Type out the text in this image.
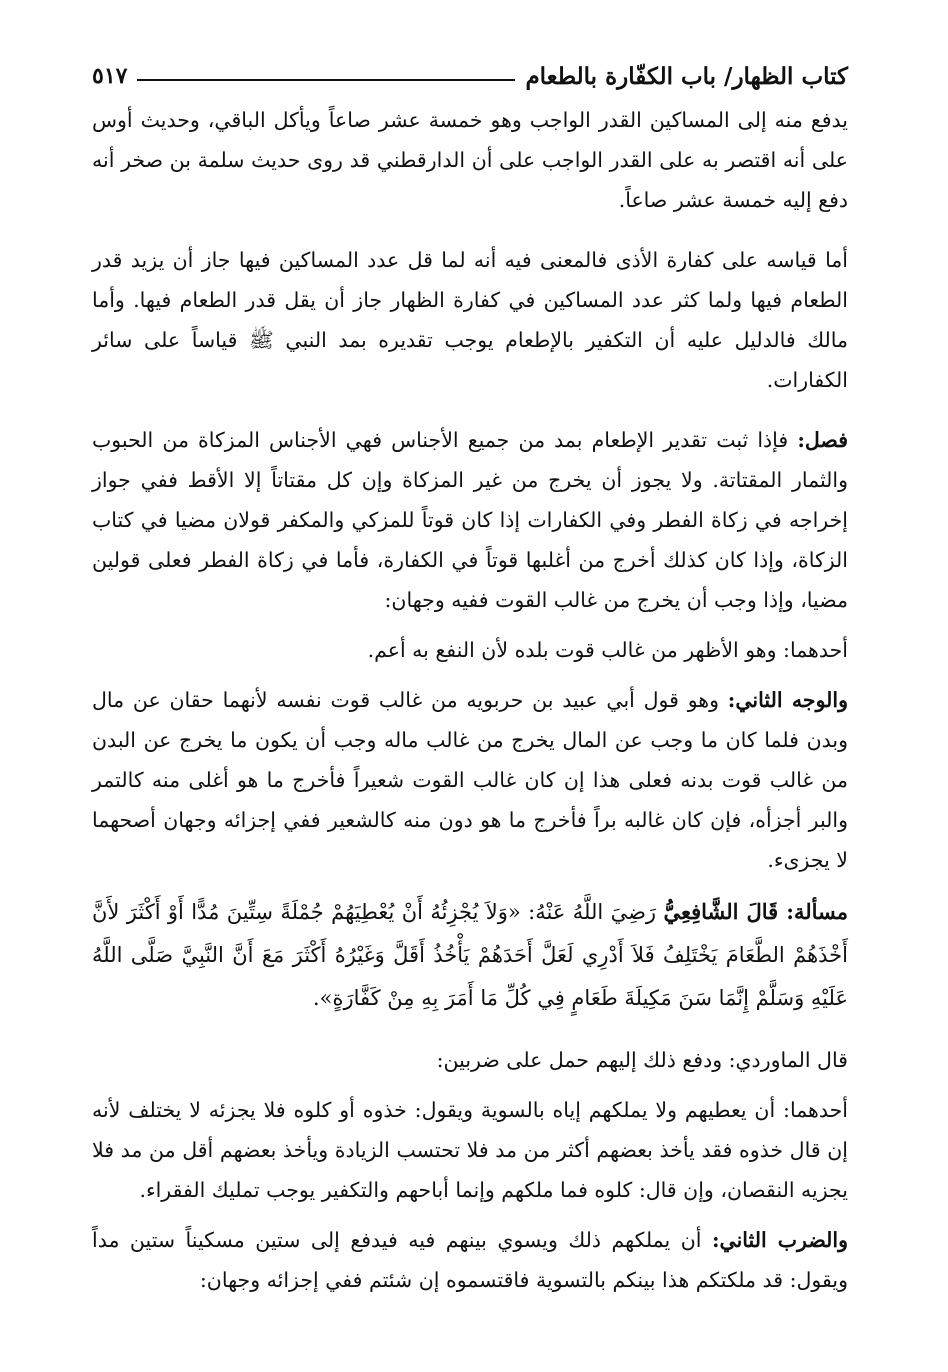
كتاب الظهار/ باب الكفّارة بالطعام
٥١٧

يدفع منه إلى المساكين القدر الواجب وهو خمسة عشر صاعاً ويأكل الباقي، وحديث أوس على أنه اقتصر به على القدر الواجب على أن الدارقطني قد روى حديث سلمة بن صخر أنه دفع إليه خمسة عشر صاعاً.

أما قياسه على كفارة الأذى فالمعنى فيه أنه لما قل عدد المساكين فيها جاز أن يزيد قدر الطعام فيها ولما كثر عدد المساكين في كفارة الظهار جاز أن يقل قدر الطعام فيها. وأما مالك فالدليل عليه أن التكفير بالإطعام يوجب تقديره بمد النبي ﷺ قياساً على سائر الكفارات.

فصل: فإذا ثبت تقدير الإطعام بمد من جميع الأجناس فهي الأجناس المزكاة من الحبوب والثمار المقتاتة. ولا يجوز أن يخرج من غير المزكاة وإن كل مقتاتاً إلا الأقط ففي جواز إخراجه في زكاة الفطر وفي الكفارات إذا كان قوتاً للمزكي والمكفر قولان مضيا في كتاب الزكاة، وإذا كان كذلك أخرج من أغلبها قوتاً في الكفارة، فأما في زكاة الفطر فعلى قولين مضيا، وإذا وجب أن يخرج من غالب القوت ففيه وجهان:

أحدهما: وهو الأظهر من غالب قوت بلده لأن النفع به أعم.

والوجه الثاني: وهو قول أبي عبيد بن حربويه من غالب قوت نفسه لأنهما حقان عن مال وبدن فلما كان ما وجب عن المال يخرج من غالب ماله وجب أن يكون ما يخرج عن البدن من غالب قوت بدنه فعلى هذا إن كان غالب القوت شعيراً فأخرج ما هو أغلى منه كالتمر والبر أجزأه، فإن كان غالبه براً فأخرج ما هو دون منه كالشعير ففي إجزائه وجهان أصحهما لا يجزىء.

مسألة: قَالَ الشَّافِعِيُّ رَضِيَ اللَّهُ عَنْهُ: «وَلاَ يُجْزِئُهُ أَنْ يُعْطِيَهُمْ جُمْلَةً سِتِّينَ مُدًّا أَوْ أَكْثَرَ لأَنَّ أَخْذَهُمْ الطَّعَامَ يَخْتَلِفُ فَلاَ أَدْرِي لَعَلَّ أَحَدَهُمْ يَأْخُذُ أَقَلَّ وَغَيْرُهُ أَكْثَرَ مَعَ أَنَّ النَّبِيَّ صَلَّى اللَّهُ عَلَيْهِ وَسَلَّمْ إِنَّمَا سَنَ مَكِيلَةَ طَعَامٍ فِي كُلِّ مَا أَمَرَ بِهِ مِنْ كَفَّارَةٍ».

قال الماوردي: ودفع ذلك إليهم حمل على ضربين:

أحدهما: أن يعطيهم ولا يملكهم إياه بالسوية ويقول: خذوه أو كلوه فلا يجزئه لا يختلف لأنه إن قال خذوه فقد يأخذ بعضهم أكثر من مد فلا تحتسب الزيادة ويأخذ بعضهم أقل من مد فلا يجزيه النقصان، وإن قال: كلوه فما ملكهم وإنما أباحهم والتكفير يوجب تمليك الفقراء.

والضرب الثاني: أن يملكهم ذلك ويسوي بينهم فيه فيدفع إلى ستين مسكيناً ستين مداً ويقول: قد ملكتكم هذا بينكم بالتسوية فاقتسموه إن شئتم ففي إجزائه وجهان:
